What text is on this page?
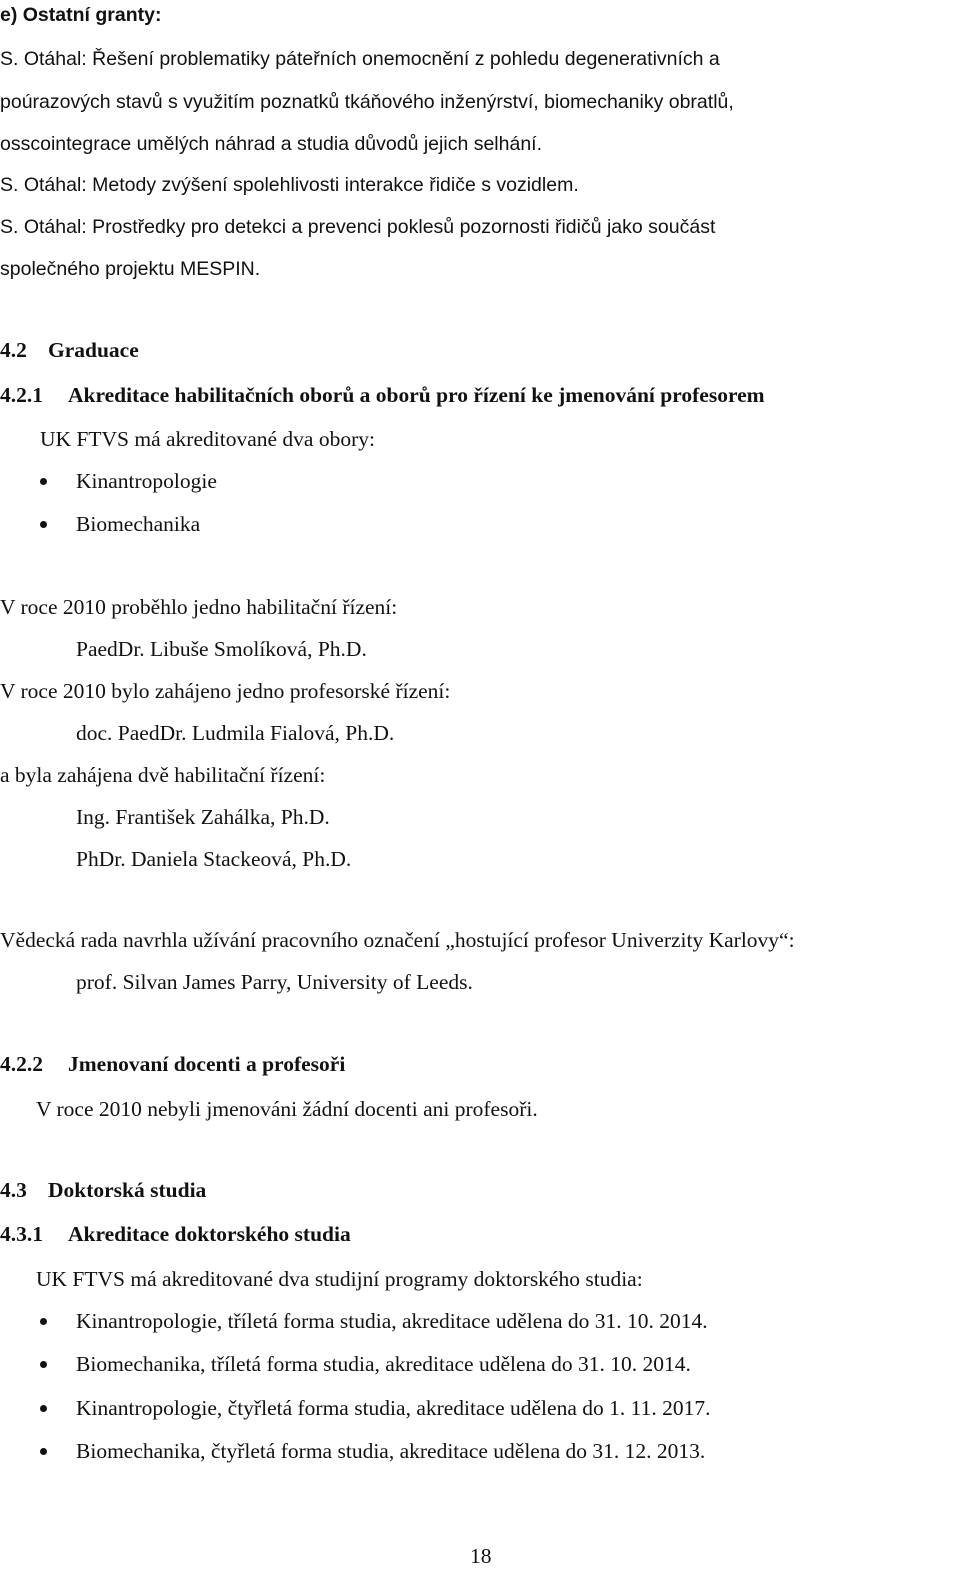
e) Ostatní granty:
S. Otáhal: Řešení problematiky páteřních onemocnění z pohledu degenerativních a
poúrazových stavů s využitím poznatků tkáňového inženýrství, biomechaniky obratlů,
osscointegrace umělých náhrad a studia důvodů jejich selhání.
S. Otáhal: Metody zvýšení spolehlivosti interakce řidiče s vozidlem.
S. Otáhal: Prostředky pro detekci a prevenci poklesů pozornosti řidičů jako součást
společného projektu MESPIN.
4.2 Graduace
4.2.1 Akreditace habilitačních oborů a oborů pro řízení ke jmenování profesorem
UK FTVS má akreditované dva obory:
Kinantropologie
Biomechanika
V roce 2010 proběhlo jedno habilitační řízení:
PaedDr. Libuše Smolíková, Ph.D.
V roce 2010 bylo zahájeno jedno profesorské řízení:
doc. PaedDr. Ludmila Fialová, Ph.D.
a byla zahájena dvě habilitační řízení:
Ing. František Zahálka, Ph.D.
PhDr. Daniela Stackeová, Ph.D.
Vědecká rada navrhla užívání pracovního označení „hostující profesor Univerzity Karlovy“:
prof. Silvan James Parry, University of Leeds.
4.2.2 Jmenovaní docenti a profesoři
V roce 2010 nebyli jmenováni žádní docenti ani profesoři.
4.3 Doktorská studia
4.3.1 Akreditace doktorského studia
UK FTVS má akreditované dva studijní programy doktorského studia:
Kinantropologie, tříletá forma studia, akreditace udělena do 31. 10. 2014.
Biomechanika, tříletá forma studia, akreditace udělena do 31. 10. 2014.
Kinantropologie, čtyřletá forma studia, akreditace udělena do 1. 11. 2017.
Biomechanika, čtyřletá forma studia, akreditace udělena do 31. 12. 2013.
18
